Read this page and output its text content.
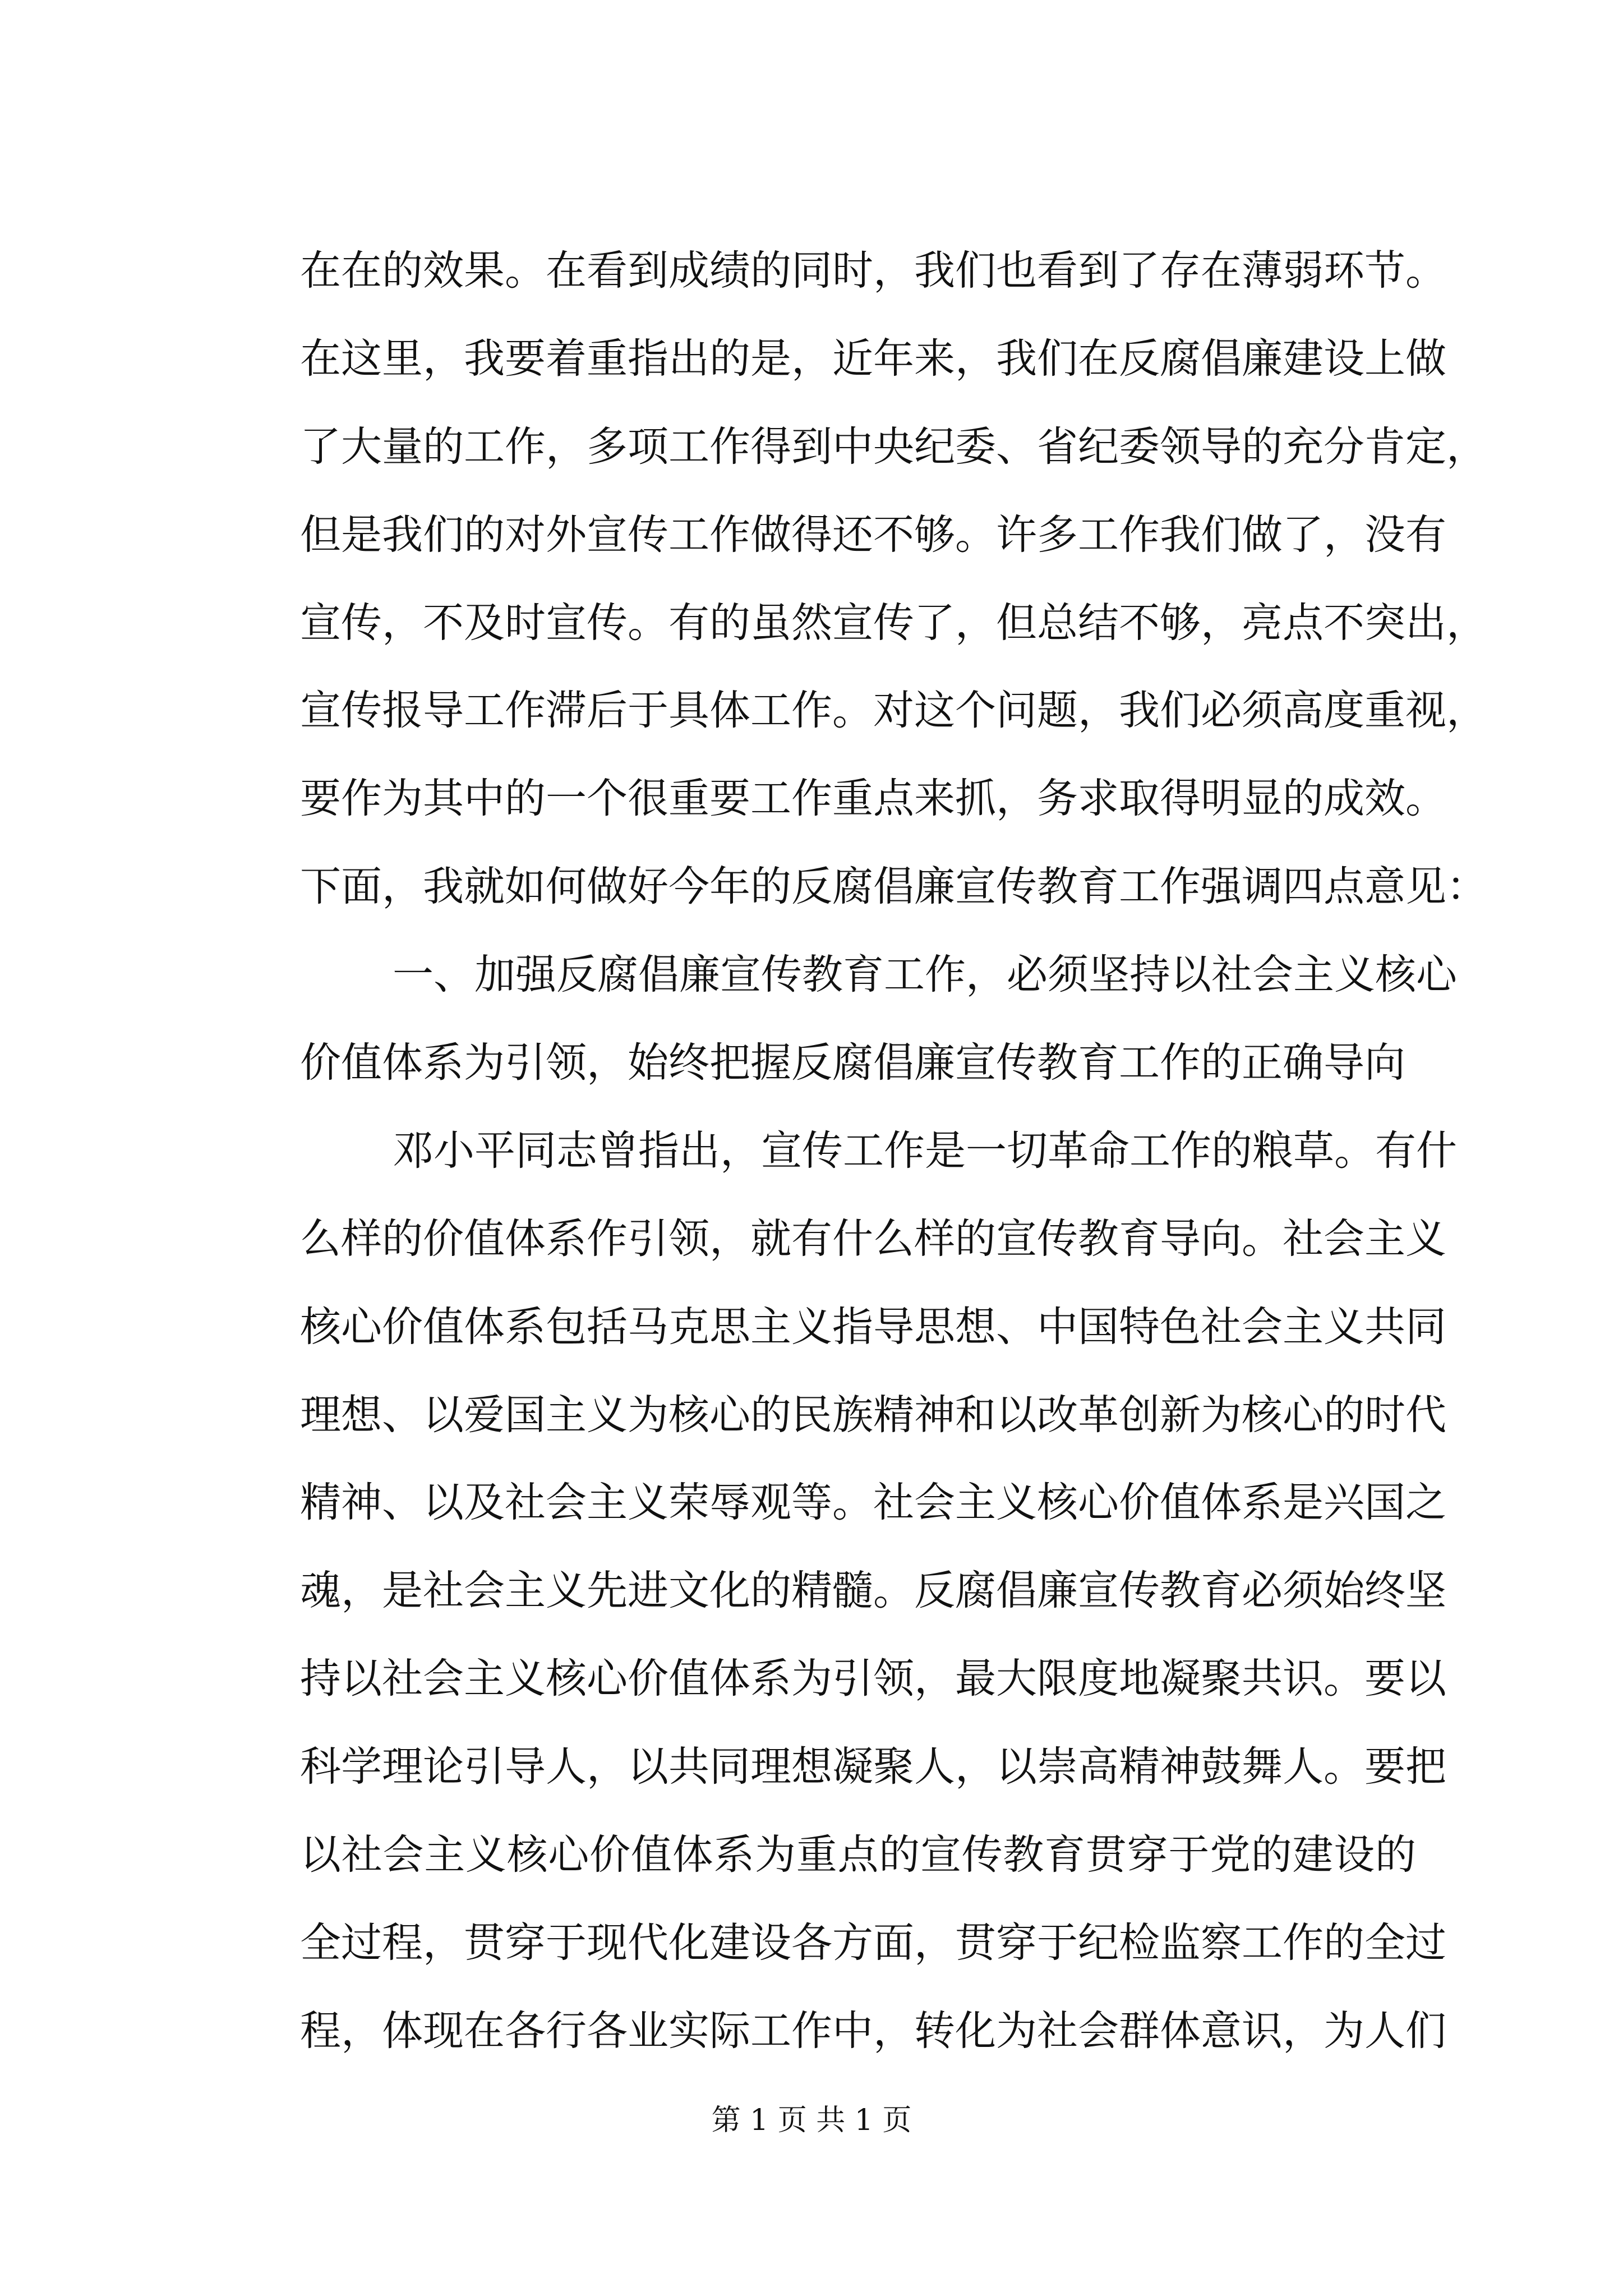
在在的效果。在看到成绩的同时，我们也看到了存在薄弱环节。
在这里，我要着重指出的是，近年来，我们在反腐倡廉建设上做
了大量的工作，多项工作得到中央纪委、省纪委领导的充分肯定，
但是我们的对外宣传工作做得还不够。许多工作我们做了，没有
宣传，不及时宣传。有的虽然宣传了，但总结不够，亮点不突出，
宣传报导工作滞后于具体工作。对这个问题，我们必须高度重视，
要作为其中的一个很重要工作重点来抓，务求取得明显的成效。
下面，我就如何做好今年的反腐倡廉宣传教育工作强调四点意见：
一、加强反腐倡廉宣传教育工作，必须坚持以社会主义核心
价值体系为引领，始终把握反腐倡廉宣传教育工作的正确导向
邓小平同志曾指出，宣传工作是一切革命工作的粮草。有什
么样的价值体系作引领，就有什么样的宣传教育导向。社会主义
核心价值体系包括马克思主义指导思想、中国特色社会主义共同
理想、以爱国主义为核心的民族精神和以改革创新为核心的时代
精神、以及社会主义荣辱观等。社会主义核心价值体系是兴国之
魂，是社会主义先进文化的精髓。反腐倡廉宣传教育必须始终坚
持以社会主义核心价值体系为引领，最大限度地凝聚共识。要以
科学理论引导人，以共同理想凝聚人，以崇高精神鼓舞人。要把
以社会主义核心价值体系为重点的宣传教育贯穿于党的建设的
全过程，贯穿于现代化建设各方面，贯穿于纪检监察工作的全过
程，体现在各行各业实际工作中，转化为社会群体意识，为人们
第 1 页 共 1 页
